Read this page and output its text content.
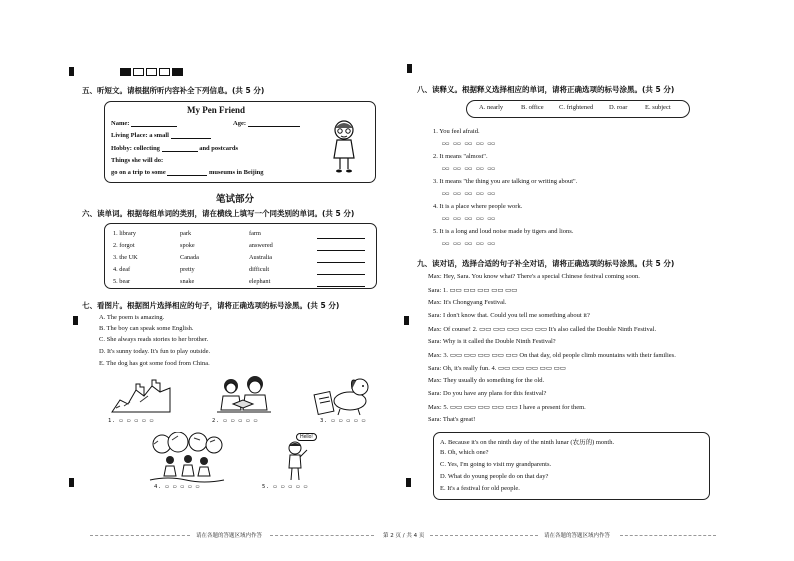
五、听短文。请根据所听内容补全下列信息。(共 5 分)
My Pen Friend
Name:	Age:
Living Place: a small
Hobby: collecting	and postcards
Things she will do:
go on a trip to some	museums in Beijing
笔试部分
六、读单词。根据每组单词的类别，请在横线上填写一个同类别的单词。(共 5 分)
1. library	park	farm
2. forgot	spoke	answered
3. the UK	Canada	Australia
4. deaf	pretty	difficult
5. bear	snake	elephant
七、看图片。根据图片选择相应的句子，请将正确选项的标号涂黑。(共 5 分)
A. The poem is amazing.
B. The boy can speak some English.
C. She always reads stories to her brother.
D. It's sunny today. It's fun to play outside.
E. The dog has got some food from China.
1. ▭ ▭ ▭ ▭ ▭	2. ▭ ▭ ▭ ▭ ▭	3. ▭ ▭ ▭ ▭ ▭
4. ▭ ▭ ▭ ▭ ▭
Hello!
5. ▭ ▭ ▭ ▭ ▭
八、读释义。根据释义选择相应的单词，请将正确选项的标号涂黑。(共 5 分)
A. nearly	B. office C. frightened D. roar	E. subject
1. You feel afraid.
▭▭ ▭▭ ▭▭ ▭▭ ▭▭
2. It means "almost".
▭▭ ▭▭ ▭▭ ▭▭ ▭▭
3. It means "the thing you are talking or writing about".
▭▭ ▭▭ ▭▭ ▭▭ ▭▭
4. It is a place where people work.
▭▭ ▭▭ ▭▭ ▭▭ ▭▭
5. It is a long and loud noise made by tigers and lions.
▭▭ ▭▭ ▭▭ ▭▭ ▭▭
九、读对话，选择合适的句子补全对话，请将正确选项的标号涂黑。(共 5 分)
Max: Hey, Sara. You know what? There's a special Chinese festival coming soon.
Sara: 1. ▭▭ ▭▭ ▭▭ ▭▭ ▭▭
Max: It's Chongyang Festival.
Sara: I don't know that. Could you tell me something about it?
Max: Of course! 2. ▭▭ ▭▭ ▭▭ ▭▭ ▭▭ It's also called the Double Ninth Festival.
Sara: Why is it called the Double Ninth Festival?
Max: 3. ▭▭ ▭▭ ▭▭ ▭▭ ▭▭ On that day, old people climb mountains with their families.
Sara: Oh, it's really fun. 4. ▭▭ ▭▭ ▭▭ ▭▭ ▭▭
Max: They usually do something for the old.
Sara: Do you have any plans for this festival?
Max: 5. ▭▭ ▭▭ ▭▭ ▭▭ ▭▭ I have a present for them.
Sara: That's great!
A. Because it's on the ninth day of the ninth lunar (农历的) month.
B. Oh, which one?
C. Yes, I'm going to visit my grandparents.
D. What do young people do on that day?
E. It's a festival for old people.
请在各题的答题区域内作答	第 2 页 / 共 4 页	请在各题的答题区域内作答
